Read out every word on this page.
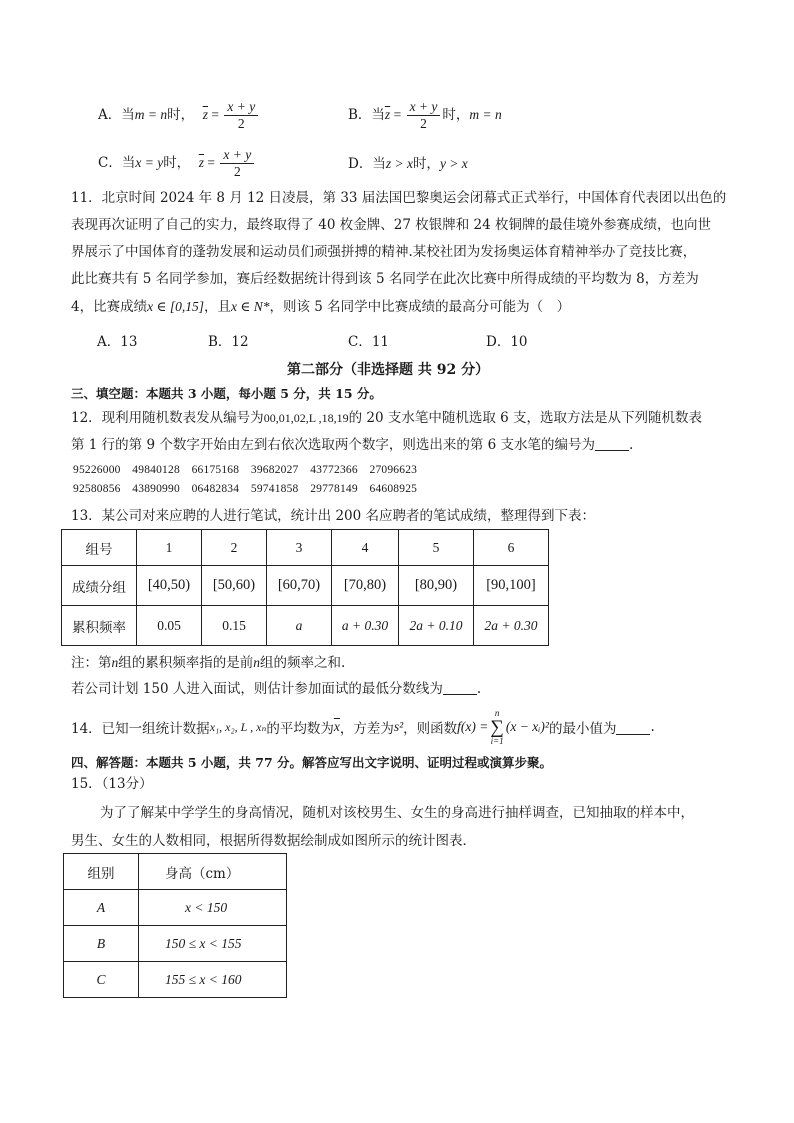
A．当m = n时， $\overline{z} = \frac{x + y}{2}$	B．当$\overline{z} = \frac{x + y}{2}$ 时，m = n
C．当x = y时， $\overline{z} = \frac{x + y}{2}$	D．当z > x时，y > x
11．北京时间 2024 年 8 月 12 日凌晨，第 33 届法国巴黎奥运会闭幕式正式举行，中国体育代表团以出色的
表现再次证明了自己的实力，最终取得了 40 枚金牌、27 枚银牌和 24 枚铜牌的最佳境外参赛成绩，也向世
界展示了中国体育的蓬勃发展和运动员们顽强拼搏的精神.某校社团为发扬奥运体育精神举办了竞技比赛，
此比赛共有 5 名同学参加，赛后经数据统计得到该 5 名同学在此次比赛中所得成绩的平均数为 8，方差为
4，比赛成绩x ∈ [0,15]，且x ∈ N*，则该 5 名同学中比赛成绩的最高分可能为（　）
A．13	B．12	C．11	D．10
第二部分（非选择题 共 92 分）
三、填空题：本题共 3 小题，每小题 5 分，共 15 分。
12．现利用随机数表发从编号为00,01,02,L ,18,19的 20 支水笔中随机选取 6 支，选取方法是从下列随机数表
第 1 行的第 9 个数字开始由左到右依次选取两个数字，则选出来的第 6 支水笔的编号为	.
95226000　49840128　66175168　39682027　43772366　27096623
92580856　43890990　06482834　59741858　29778149　64608925
13．某公司对来应聘的人进行笔试，统计出 200 名应聘者的笔试成绩，整理得到下表：
组号	1	2	3	4	5	6
成绩分组	[40,50)	[50,60)	[60,70)	[70,80)	[80,90)	[90,100]
累积频率	0.05	0.15	a	a + 0.30	2a + 0.10	2a + 0.30
注：第n组的累积频率指的是前n组的频率之和.
若公司计划 150 人进入面试，则估计参加面试的最低分数线为	.
14．已知一组统计数据 x₁, x₂, L , xₙ 的平均数为 $\overline{x}$ ，方差为 s² ，则函数 f(x) =
n
∑
i=1
(x − xᵢ)² 的最小值为	.
四、解答题：本题共 5 小题，共 77 分。解答应写出文字说明、证明过程或演算步聚。
15．（13分）
为了了解某中学学生的身高情况，随机对该校男生、女生的身高进行抽样调查，已知抽取的样本中，
男生、女生的人数相同，根据所得数据绘制成如图所示的统计图表．
组别	身高（cm）
A	x < 150
B	150 ≤ x < 155
C	155 ≤ x < 160
